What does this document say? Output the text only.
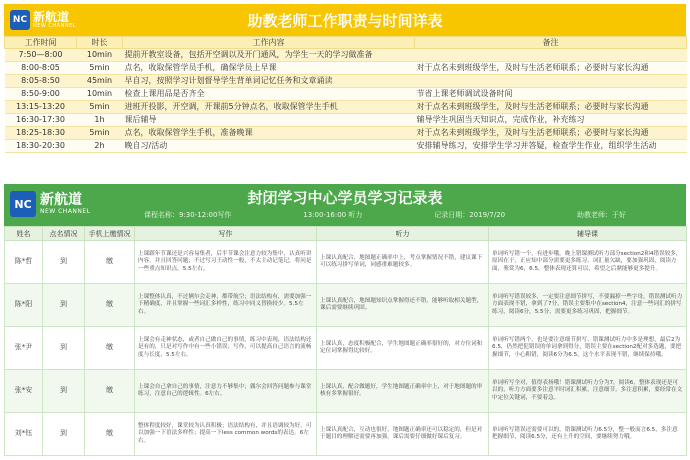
NC 新航道
NEW CHANNEL	助教老师工作职责与时间详表
工作时间	时长	工作内容	备注
7:50—8:00	10min	提前开教室设备，包括开空调以及开门通风，为学生一天的学习做准备	
8:00-8:05	5min	点名，收取保管学员手机，确保学员上早课	对于点名未到班级学生，及时与生活老师联系；必要时与家长沟通
8:05-8:50	45min	早自习，按照学习计划督导学生背单词记忆任务和文章诵读	
8:50-9:00	10min	检查上课用品是否齐全	节省上课老师调试设备时间
13:15-13:20	5min	进班开投影，开空调，开课前5分钟点名，收取保管学生手机	对于点名未到班级学生，及时与生活老师联系；必要时与家长沟通
16:30-17:30	1h	课后辅导	辅导学生巩固当天知识点，完成作业，补充练习
18:25-18:30	5min	点名，收取保管学生手机，准备晚课	对于点名未到班级学生，及时与生活老师联系；必要时与家长沟通
18:30-20:30	2h	晚自习/活动	安排辅导练习，安排学生学习并答疑，检查学生作业，组织学生活动
NC 新航道
NEW CHANNEL
封闭学习中心学员学习记录表
课程名称：9:30-12:00写作	13:00-16:00 听力	记录日期：2019/7/20	助教老师：于好
姓名	点名情况	手机上缴情况	写作	听力	辅导课
陈*哲	到	缴	上课跟年节课还是兴容易集者，后半节课会注意力较为集中，认真听讲内容，并且回答问题；不过写习王动性一般，不太主动记笔记，将问是一些重点知识点。5.5左右。	上课认真配合，地图题正确率中上，考点掌握情况不错，建议课下可以练习拼写单词，同感重难题较多。	单词听写错一个，有进步哦。晚上错课测试听力部分section2和4错误较多，原因在于，正应知中部分需要更多练习，词汇量欠缺，要加强巩固，阅读方面，鉴赏为6，6.5，整体表现还算可以，希望之后鼎能够更多提升。
陈*阳	到	缴	上课整体认真，不过俩尔会走神，都带航空；语法结构有，需要加强一下精确度，并且掌握一些词汇多样性，练习中同义替换较少。5.5左右。	上课认真配合，地图题知识点掌握得还不错，能够听取相关题型，课后需要继续巩固。	单词听写错误较多，一定要注意细节拼写，不要漏掉一些字母，错误测试听力方面表现不错，拿到了7分，错误主要集中在section4，注意一些词汇的拼写练习，阅读6分，5.5分，需要更多练习巩固，把握细节。
张*尹	到	缴	上课会有走神状态，或者自己做自己的事情，练习中表现，语法结构还是有的，只是对写作中有一些小错误；写作，可以提高自己语言的流畅度与长度，5.5左右。	上课认真，态度积极配合，学生地图题正确率很好的，对方位词和定位词掌握得比较好。	单词听写错两个，也是要注意细节拼写，错课测试听力中多是理想，最后2为6.5，仍然把犯错误的单词拿到得分，错误主要在section2配对多选题，要把握细节，小心粗错，阅读6分为6.5，这个水平表现不错，继续保持哦。
张*安	到	缴	上课会自己拿自己的事情，注意力不够集中；偶尔会回答问题参与课堂练习，注意自己的逻辑性。6左右。	上课认真，配合做题好，学生地图题正确率中上，对于地图题的审核有多掌握很好。	单词听写全对，值得表扬哦！错课测试听力分为7，阅读6，整体表现还是可以的，听力方面要多注意平时词汇积累，注意细节，多注意积累，要经常在文中定位关键词，不要着急。
刘*钰	到	缴	整体程度较好，课堂较为认真积极；语法结构有，并且语调较为好，可以加强一下语法多样性；提高一下less common words的表达。6左右。	上课认真配合，互动也很好，地图题正确率还可以稳定的，但是对于题目的理解还需要再加强，课后需要仔细做好课后复习。	单词听写错误还需要可以的，错课测试听力6.5分，整一般而言6.5，多注意把握细节，阅读6.5分，还有上升的空间，要继续努力哦。
